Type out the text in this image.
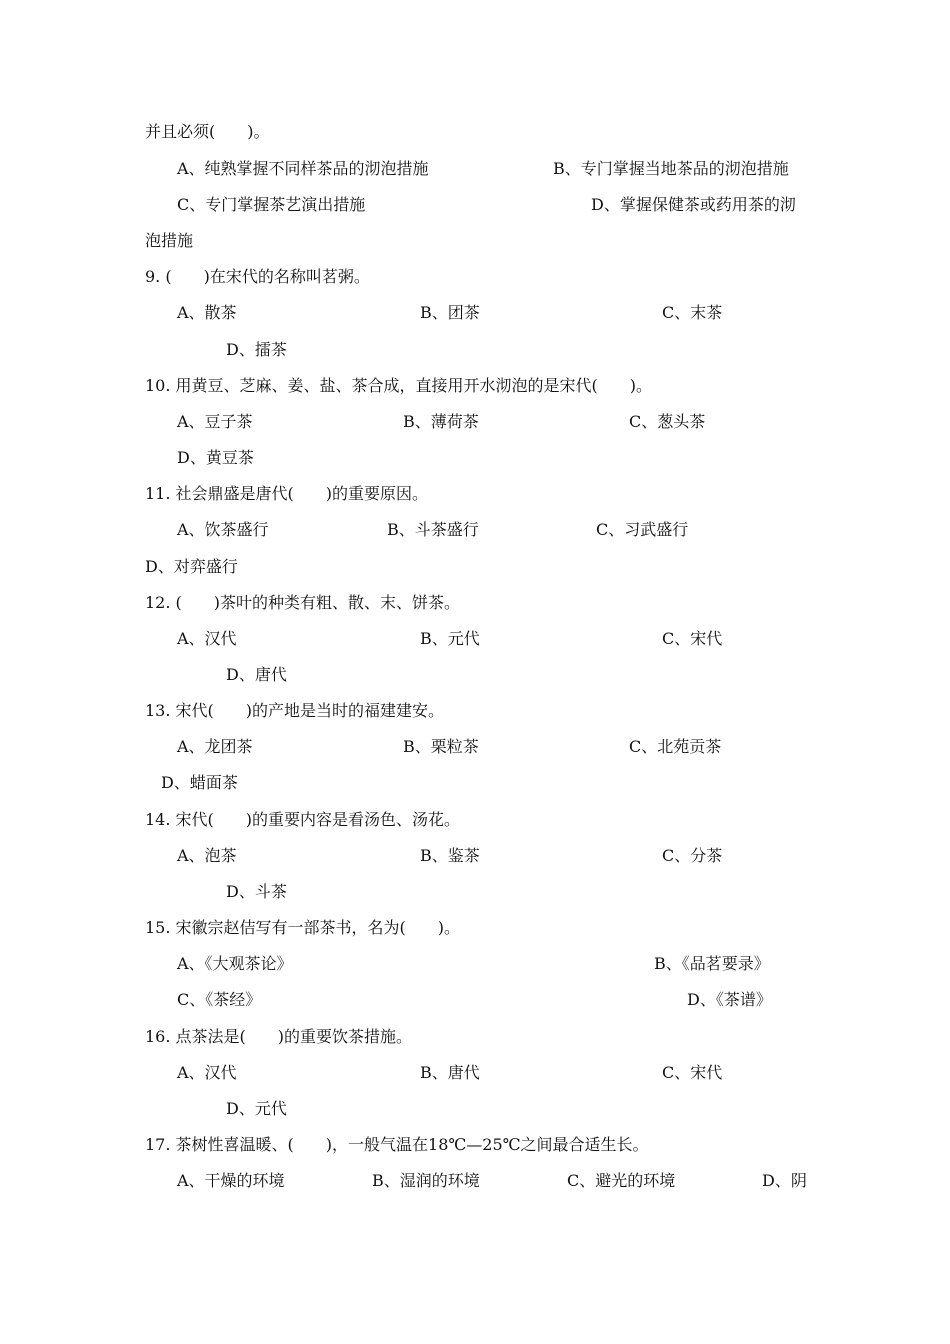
并且必须(　　)。
A、纯熟掌握不同样茶品的沏泡措施	B、专门掌握当地茶品的沏泡措施
C、专门掌握茶艺演出措施	D、掌握保健茶或药用茶的沏
泡措施
9. (　　)在宋代的名称叫茗粥。
A、散茶	B、团茶	C、末茶
D、擂茶
10. 用黄豆、芝麻、姜、盐、茶合成，直接用开水沏泡的是宋代(　　)。
A、豆子茶	B、薄荷茶	C、葱头茶
D、黄豆茶
11. 社会鼎盛是唐代(　　)的重要原因。
A、饮茶盛行	B、斗茶盛行	C、习武盛行
D、对弈盛行
12. (　　)茶叶的种类有粗、散、末、饼茶。
A、汉代	B、元代	C、宋代
D、唐代
13. 宋代(　　)的产地是当时的福建建安。
A、龙团茶	B、栗粒茶	C、北苑贡茶
D、蜡面茶
14. 宋代(　　)的重要内容是看汤色、汤花。
A、泡茶	B、鉴茶	C、分茶
D、斗茶
15. 宋徽宗赵佶写有一部茶书，名为(　　)。
A、《大观茶论》	B、《品茗要录》
C、《茶经》	D、《茶谱》
16. 点茶法是(　　)的重要饮茶措施。
A、汉代	B、唐代	C、宋代
D、元代
17. 茶树性喜温暖、(　　)，一般气温在18℃—25℃之间最合适生长。
A、干燥的环境	B、湿润的环境	C、避光的环境	D、阴
